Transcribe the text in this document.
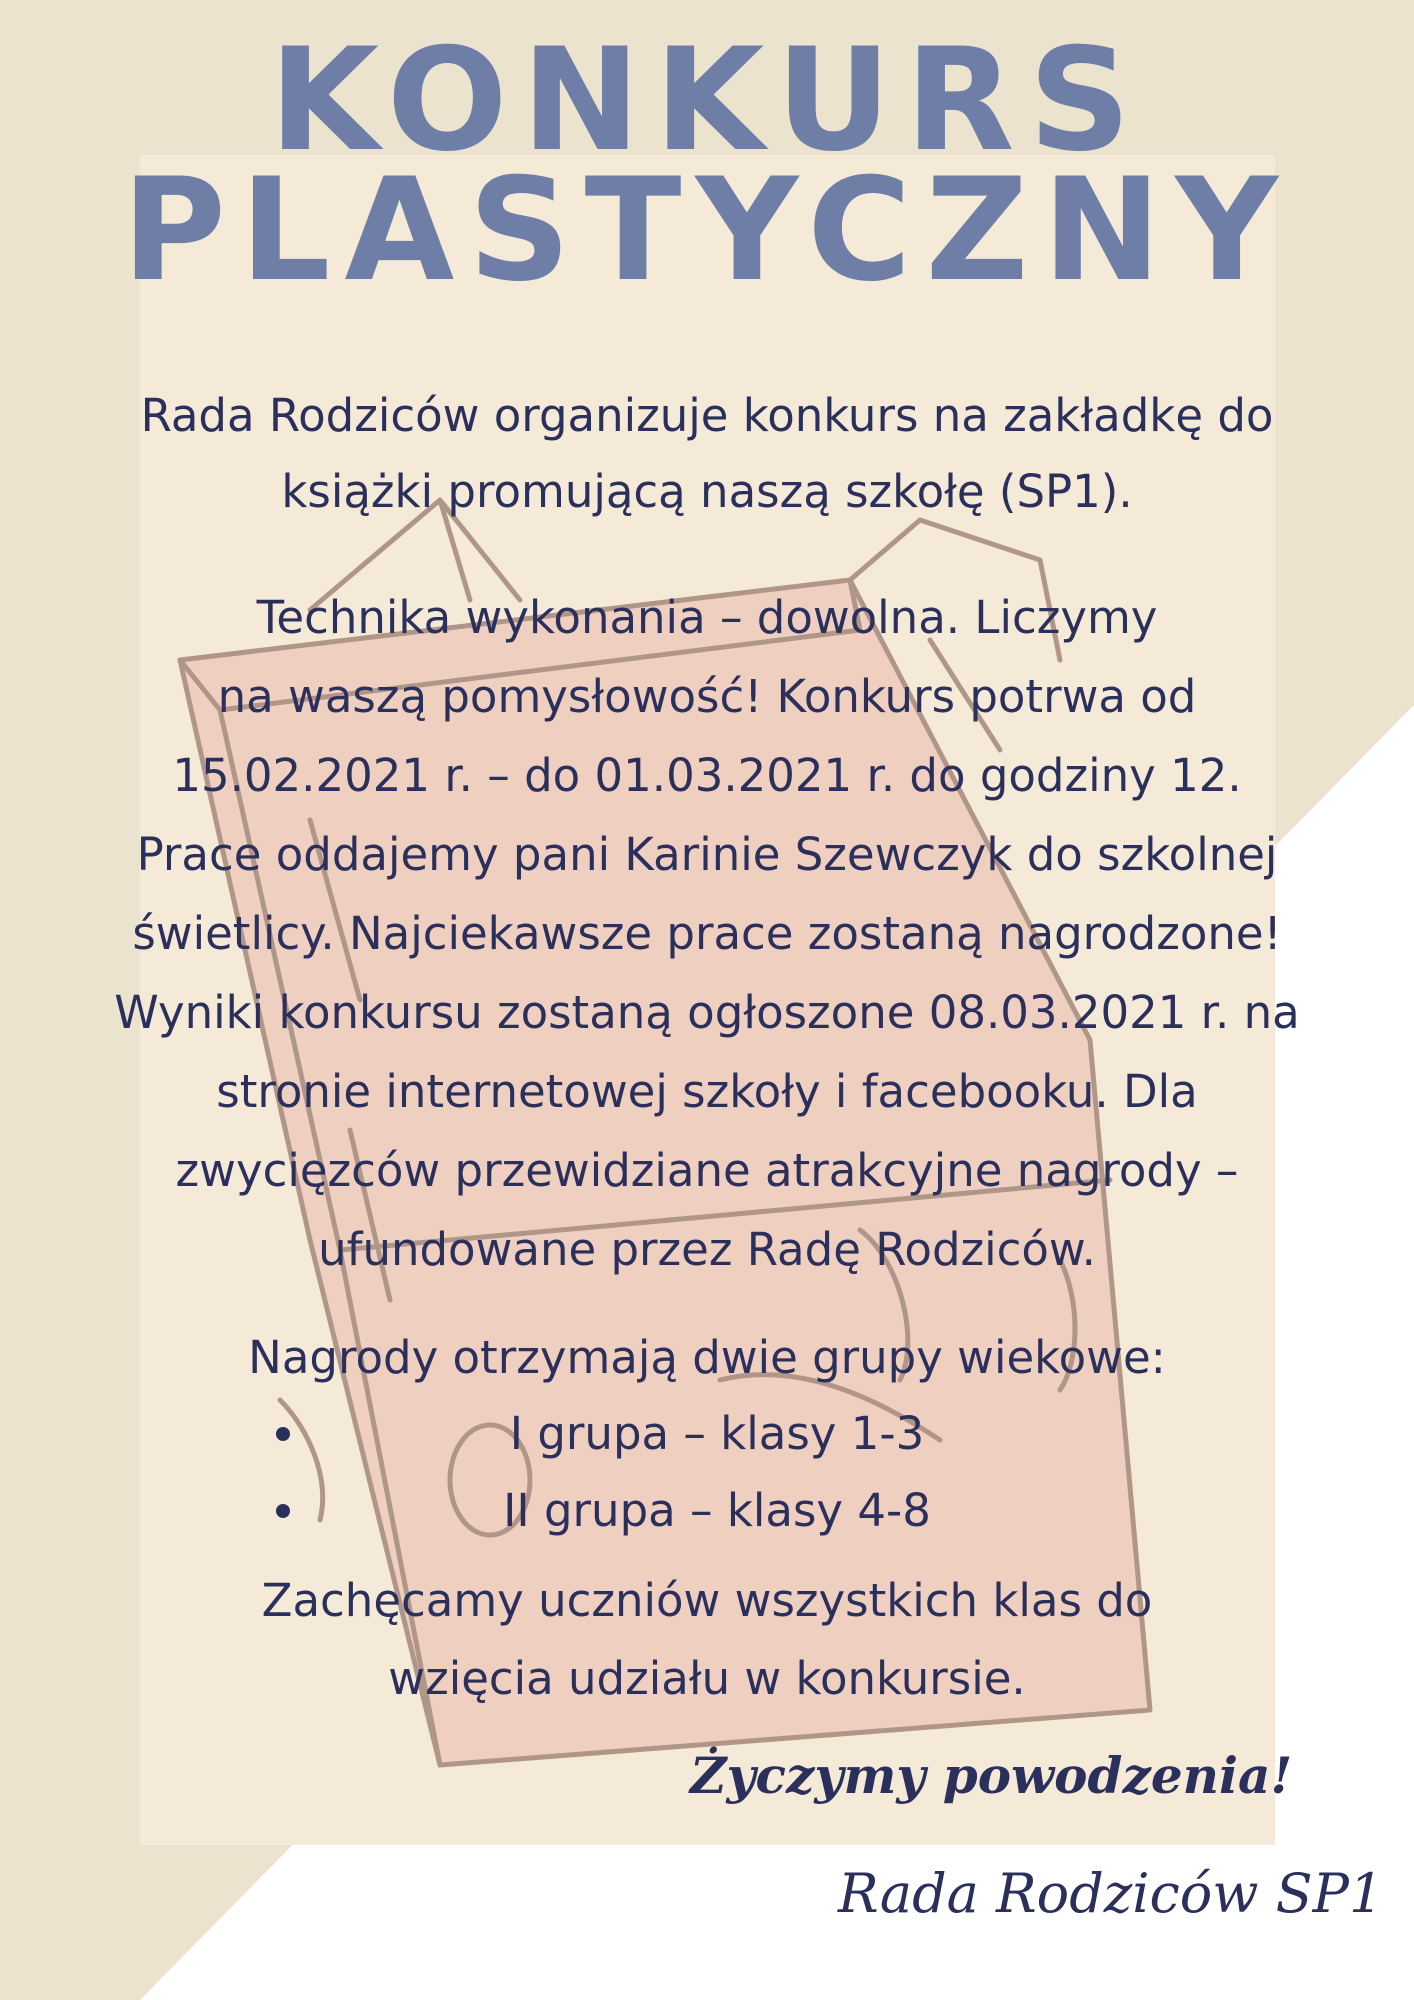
KONKURS
PLASTYCZNY

Rada Rodziców organizuje konkurs na zakładkę do książki promującą naszą szkołę (SP1).

Technika wykonania – dowolna. Liczymy
na waszą pomysłowość! Konkurs potrwa od
15.02.2021 r. – do 01.03.2021 r. do godziny 12.
Prace oddajemy pani Karinie Szewczyk do szkolnej
świetlicy. Najciekawsze prace zostaną nagrodzone!
Wyniki konkursu zostaną ogłoszone 08.03.2021 r. na
stronie internetowej szkoły i facebooku. Dla
zwycięzców przewidziane atrakcyjne nagrody –
ufundowane przez Radę Rodziców.

Nagrody otrzymają dwie grupy wiekowe:

I grupa – klasy 1-3
II grupa – klasy 4-8
Zachęcamy uczniów wszystkich klas do
wzięcia udziału w konkursie.

Życzymy powodzenia!

Rada Rodziców SP1
